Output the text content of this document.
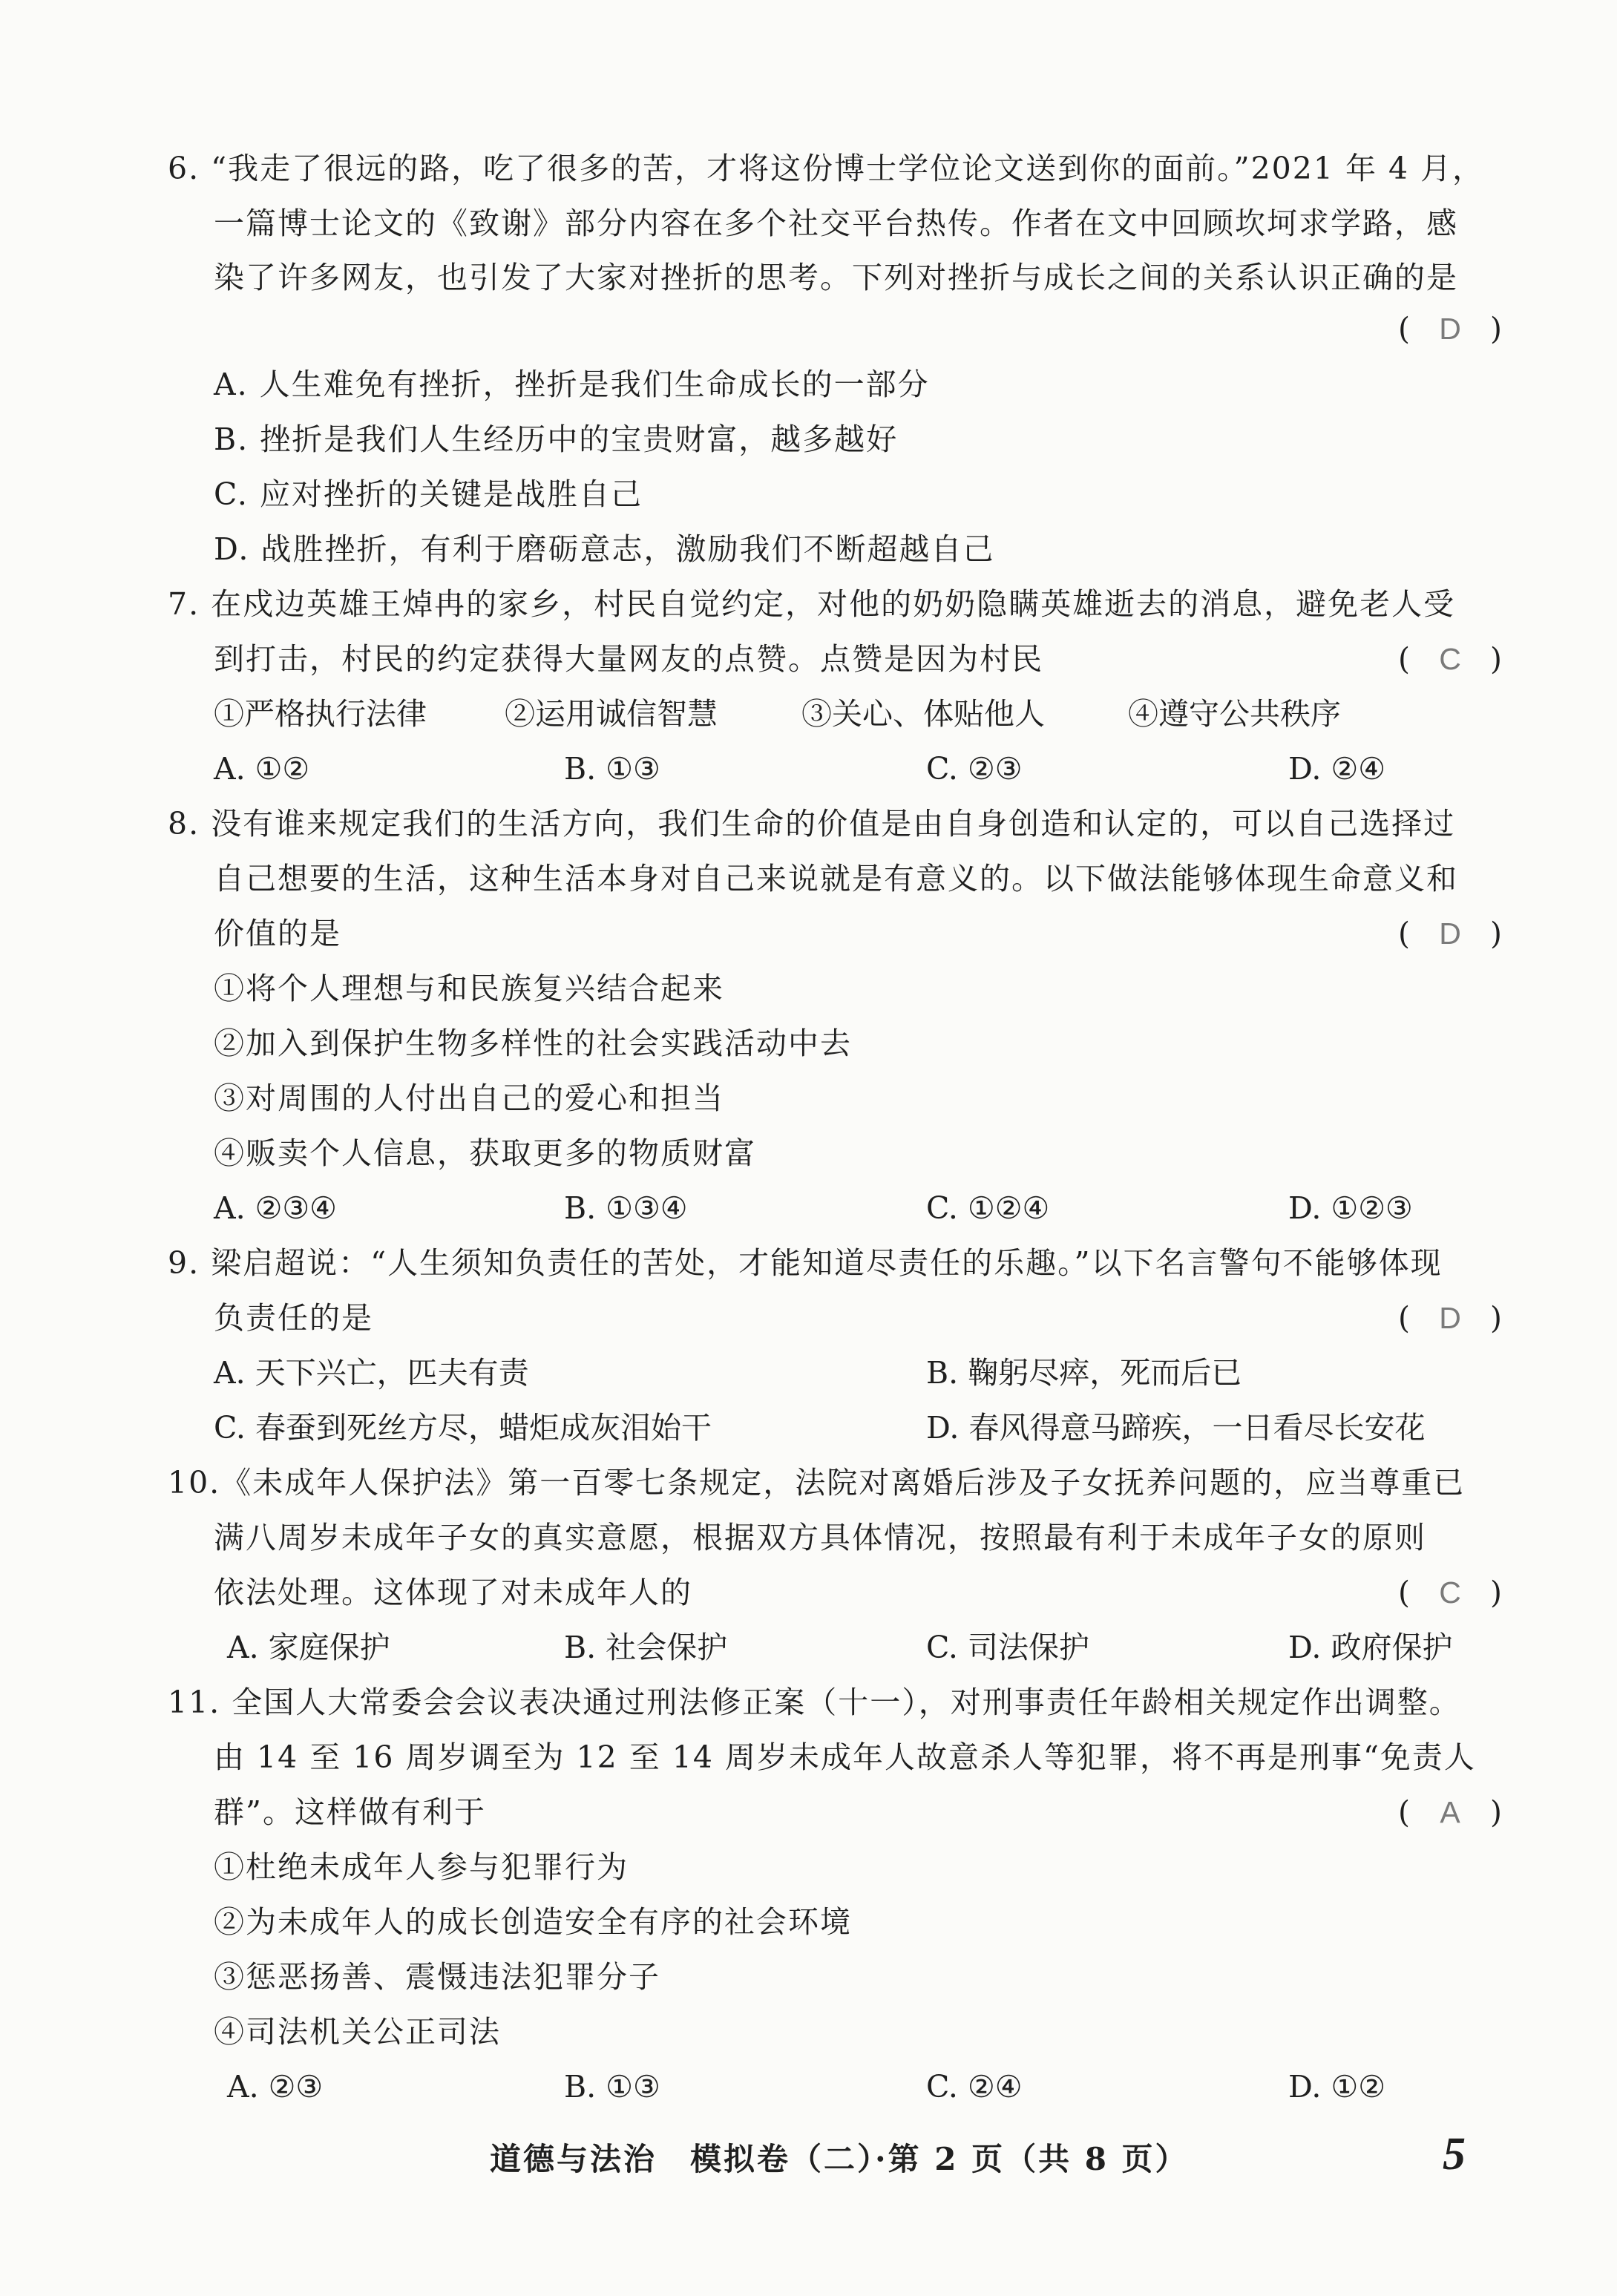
6. “我走了很远的路，吃了很多的苦，才将这份博士学位论文送到你的面前。”2021 年 4 月，
一篇博士论文的《致谢》部分内容在多个社交平台热传。作者在文中回顾坎坷求学路，感
染了许多网友，也引发了大家对挫折的思考。下列对挫折与成长之间的关系认识正确的是
( D )
A. 人生难免有挫折，挫折是我们生命成长的一部分
B. 挫折是我们人生经历中的宝贵财富，越多越好
C. 应对挫折的关键是战胜自己
D. 战胜挫折，有利于磨砺意志，激励我们不断超越自己
7. 在戍边英雄王焯冉的家乡，村民自觉约定，对他的奶奶隐瞒英雄逝去的消息，避免老人受
到打击，村民的约定获得大量网友的点赞。点赞是因为村民	( C )
①严格执行法律	②运用诚信智慧	③关心、体贴他人	④遵守公共秩序
A. ①②	B. ①③	C. ②③	D. ②④
8. 没有谁来规定我们的生活方向，我们生命的价值是由自身创造和认定的，可以自己选择过
自己想要的生活，这种生活本身对自己来说就是有意义的。以下做法能够体现生命意义和
价值的是	( D )
①将个人理想与和民族复兴结合起来
②加入到保护生物多样性的社会实践活动中去
③对周围的人付出自己的爱心和担当
④贩卖个人信息，获取更多的物质财富
A. ②③④	B. ①③④	C. ①②④	D. ①②③
9. 梁启超说：“人生须知负责任的苦处，才能知道尽责任的乐趣。”以下名言警句不能够体现
负责任的是	( D )
A. 天下兴亡，匹夫有责	B. 鞠躬尽瘁，死而后已
C. 春蚕到死丝方尽，蜡炬成灰泪始干	D. 春风得意马蹄疾，一日看尽长安花
10.《未成年人保护法》第一百零七条规定，法院对离婚后涉及子女抚养问题的，应当尊重已
满八周岁未成年子女的真实意愿，根据双方具体情况，按照最有利于未成年子女的原则
依法处理。这体现了对未成年人的	( C )
A. 家庭保护	B. 社会保护	C. 司法保护	D. 政府保护
11. 全国人大常委会会议表决通过刑法修正案（十一），对刑事责任年龄相关规定作出调整。
由 14 至 16 周岁调至为 12 至 14 周岁未成年人故意杀人等犯罪，将不再是刑事“免责人
群”。这样做有利于	( A )
①杜绝未成年人参与犯罪行为
②为未成年人的成长创造安全有序的社会环境
③惩恶扬善、震慑违法犯罪分子
④司法机关公正司法
A. ②③	B. ①③	C. ②④	D. ①②
道德与法治　模拟卷（二）·第 2 页（共 8 页）	5
